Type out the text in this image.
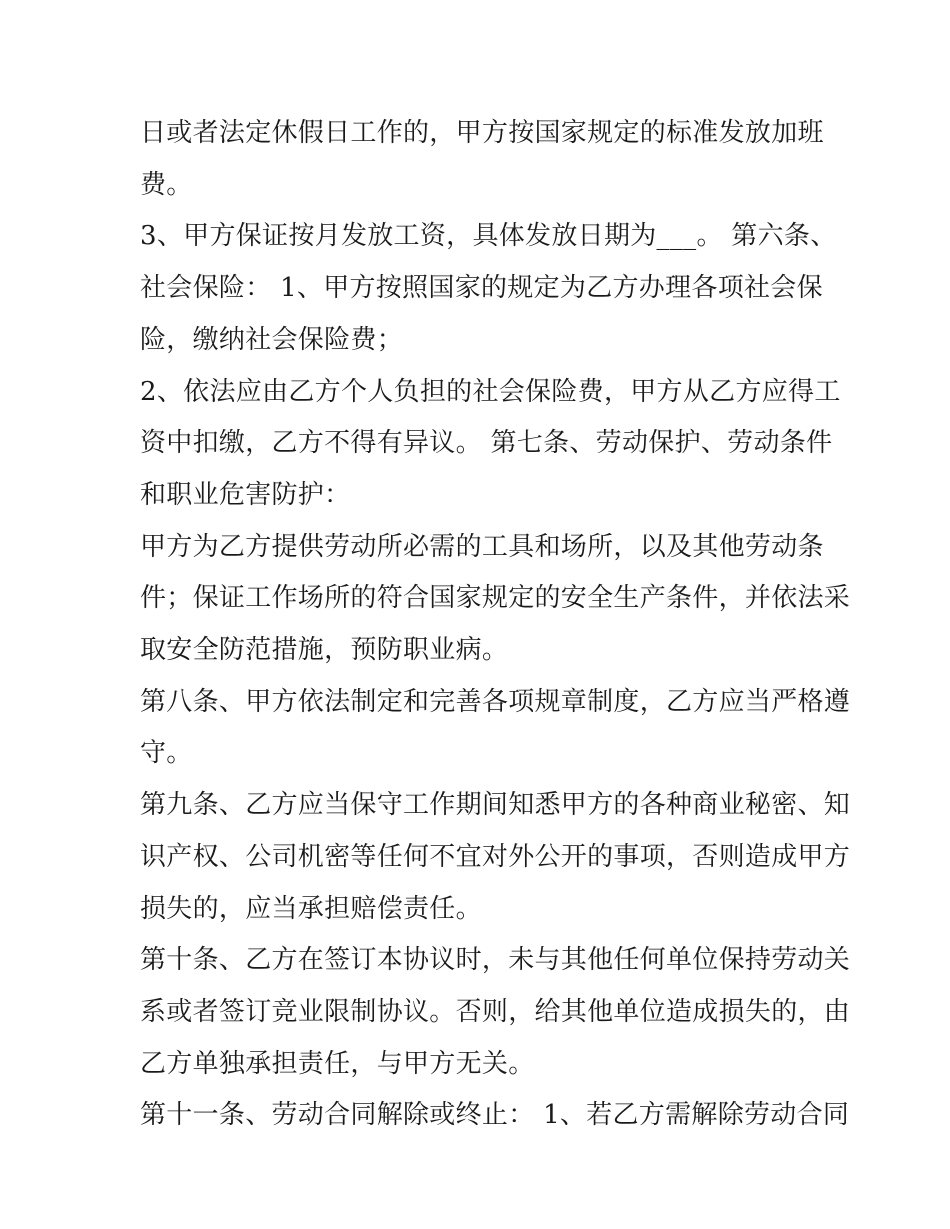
日或者法定休假日工作的，甲方按国家规定的标准发放加班

费。

3、甲方保证按月发放工资，具体发放日期为___。 第六条、

社会保险： 1、甲方按照国家的规定为乙方办理各项社会保

险，缴纳社会保险费；

2、依法应由乙方个人负担的社会保险费，甲方从乙方应得工

资中扣缴，乙方不得有异议。 第七条、劳动保护、劳动条件

和职业危害防护：

甲方为乙方提供劳动所必需的工具和场所，以及其他劳动条

件；保证工作场所的符合国家规定的安全生产条件，并依法采

取安全防范措施，预防职业病。

第八条、甲方依法制定和完善各项规章制度，乙方应当严格遵

守。

第九条、乙方应当保守工作期间知悉甲方的各种商业秘密、知

识产权、公司机密等任何不宜对外公开的事项，否则造成甲方

损失的，应当承担赔偿责任。

第十条、乙方在签订本协议时，未与其他任何单位保持劳动关

系或者签订竞业限制协议。否则，给其他单位造成损失的，由

乙方单独承担责任，与甲方无关。

第十一条、劳动合同解除或终止： 1、若乙方需解除劳动合同
